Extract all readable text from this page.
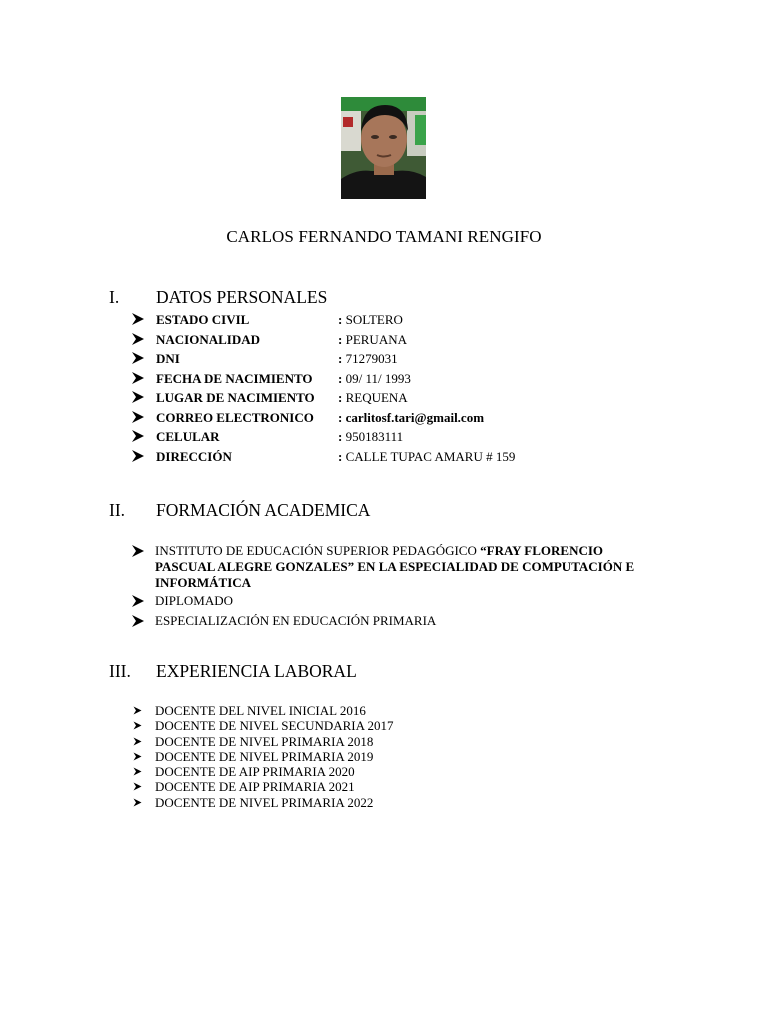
CARLOS FERNANDO TAMANI RENGIFO
I.	DATOS PERSONALES
ESTADO CIVIL	: SOLTERO
NACIONALIDAD	: PERUANA
DNI	: 71279031
FECHA DE NACIMIENTO : 09/ 11/ 1993
LUGAR DE NACIMIENTO : REQUENA
CORREO ELECTRONICO : carlitosf.tari@gmail.com
CELULAR	: 950183111
DIRECCIÓN	: CALLE TUPAC AMARU # 159
II.	FORMACIÓN ACADEMICA
INSTITUTO DE EDUCACIÓN SUPERIOR PEDAGÓGICO “FRAY FLORENCIO PASCUAL ALEGRE GONZALES” EN LA ESPECIALIDAD DE COMPUTACIÓN E INFORMÁTICA
DIPLOMADO
ESPECIALIZACIÓN EN EDUCACIÓN PRIMARIA
III.	EXPERIENCIA LABORAL
DOCENTE DEL NIVEL INICIAL 2016
DOCENTE DE NIVEL SECUNDARIA 2017
DOCENTE DE NIVEL PRIMARIA 2018
DOCENTE DE NIVEL PRIMARIA 2019
DOCENTE DE AIP PRIMARIA 2020
DOCENTE DE AIP PRIMARIA 2021
DOCENTE DE NIVEL PRIMARIA 2022
